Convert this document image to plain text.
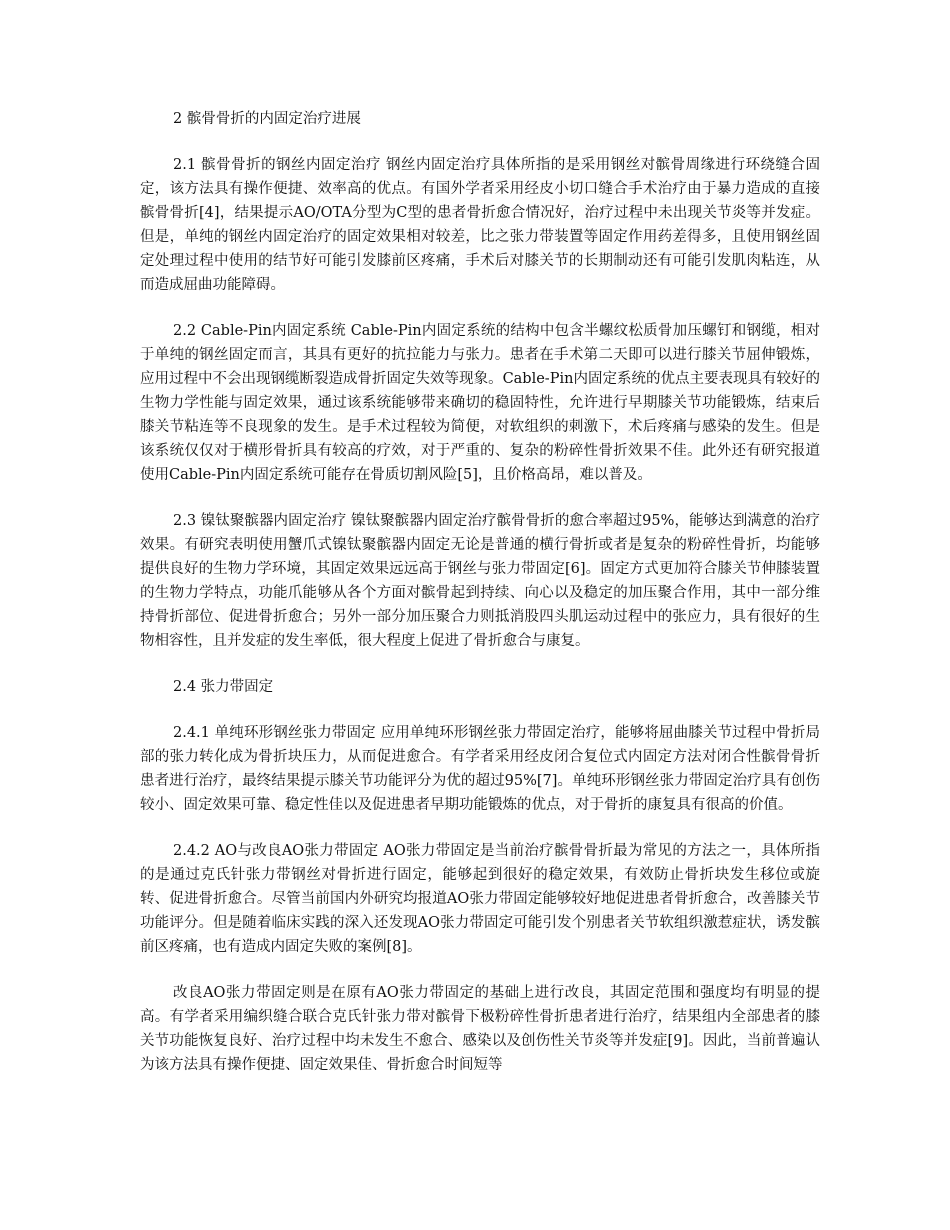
2 髌骨骨折的内固定治疗进展

2.1 髌骨骨折的钢丝内固定治疗 钢丝内固定治疗具体所指的是采用钢丝对髌骨周缘进行环绕缝合固定，该方法具有操作便捷、效率高的优点。有国外学者采用经皮小切口缝合手术治疗由于暴力造成的直接髌骨骨折[4]，结果提示AO/OTA分型为C型的患者骨折愈合情况好，治疗过程中未出现关节炎等并发症。但是，单纯的钢丝内固定治疗的固定效果相对较差，比之张力带装置等固定作用药差得多，且使用钢丝固定处理过程中使用的结节好可能引发膝前区疼痛，手术后对膝关节的长期制动还有可能引发肌肉粘连，从而造成屈曲功能障碍。

2.2 Cable-Pin内固定系统 Cable-Pin内固定系统的结构中包含半螺纹松质骨加压螺钉和钢缆，相对于单纯的钢丝固定而言，其具有更好的抗拉能力与张力。患者在手术第二天即可以进行膝关节屈伸锻炼，应用过程中不会出现钢缆断裂造成骨折固定失效等现象。Cable-Pin内固定系统的优点主要表现具有较好的生物力学性能与固定效果，通过该系统能够带来确切的稳固特性，允许进行早期膝关节功能锻炼，结束后膝关节粘连等不良现象的发生。是手术过程较为简便，对软组织的刺激下，术后疼痛与感染的发生。但是该系统仅仅对于横形骨折具有较高的疗效，对于严重的、复杂的粉碎性骨折效果不佳。此外还有研究报道使用Cable-Pin内固定系统可能存在骨质切割风险[5]，且价格高昂，难以普及。

2.3 镍钛聚髌器内固定治疗 镍钛聚髌器内固定治疗髌骨骨折的愈合率超过95%，能够达到满意的治疗效果。有研究表明使用蟹爪式镍钛聚髌器内固定无论是普通的横行骨折或者是复杂的粉碎性骨折，均能够提供良好的生物力学环境，其固定效果远远高于钢丝与张力带固定[6]。固定方式更加符合膝关节伸膝装置的生物力学特点，功能爪能够从各个方面对髌骨起到持续、向心以及稳定的加压聚合作用，其中一部分维持骨折部位、促进骨折愈合；另外一部分加压聚合力则抵消股四头肌运动过程中的张应力，具有很好的生物相容性，且并发症的发生率低，很大程度上促进了骨折愈合与康复。

2.4 张力带固定

2.4.1 单纯环形钢丝张力带固定 应用单纯环形钢丝张力带固定治疗，能够将屈曲膝关节过程中骨折局部的张力转化成为骨折块压力，从而促进愈合。有学者采用经皮闭合复位式内固定方法对闭合性髌骨骨折患者进行治疗，最终结果提示膝关节功能评分为优的超过95%[7]。单纯环形钢丝张力带固定治疗具有创伤较小、固定效果可靠、稳定性佳以及促进患者早期功能锻炼的优点，对于骨折的康复具有很高的价值。

2.4.2 AO与改良AO张力带固定 AO张力带固定是当前治疗髌骨骨折最为常见的方法之一，具体所指的是通过克氏针张力带钢丝对骨折进行固定，能够起到很好的稳定效果，有效防止骨折块发生移位或旋转、促进骨折愈合。尽管当前国内外研究均报道AO张力带固定能够较好地促进患者骨折愈合，改善膝关节功能评分。但是随着临床实践的深入还发现AO张力带固定可能引发个别患者关节软组织激惹症状，诱发髌前区疼痛，也有造成内固定失败的案例[8]。

改良AO张力带固定则是在原有AO张力带固定的基础上进行改良，其固定范围和强度均有明显的提高。有学者采用编织缝合联合克氏针张力带对髌骨下极粉碎性骨折患者进行治疗，结果组内全部患者的膝关节功能恢复良好、治疗过程中均未发生不愈合、感染以及创伤性关节炎等并发症[9]。因此，当前普遍认为该方法具有操作便捷、固定效果佳、骨折愈合时间短等
